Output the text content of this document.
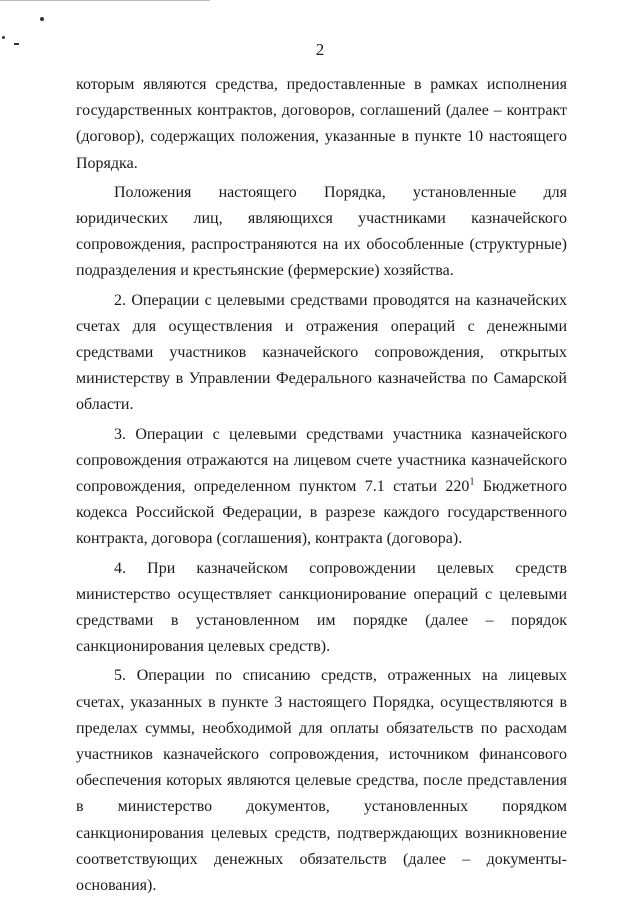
2

которым являются средства, предоставленные в рамках исполнения государственных контрактов, договоров, соглашений (далее – контракт (договор), содержащих положения, указанные в пункте 10 настоящего Порядка.

Положения настоящего Порядка, установленные для юридических лиц, являющихся участниками казначейского сопровождения, распространяются на их обособленные (структурные) подразделения и крестьянские (фермерские) хозяйства.

2. Операции с целевыми средствами проводятся на казначейских счетах для осуществления и отражения операций с денежными средствами участников казначейского сопровождения, открытых министерству в Управлении Федерального казначейства по Самарской области.

3. Операции с целевыми средствами участника казначейского сопровождения отражаются на лицевом счете участника казначейского сопровождения, определенном пунктом 7.1 статьи $220^1$ Бюджетного кодекса Российской Федерации, в разрезе каждого государственного контракта, договора (соглашения), контракта (договора).

4. При казначейском сопровождении целевых средств министерство осуществляет санкционирование операций с целевыми средствами в установленном им порядке (далее – порядок санкционирования целевых средств).

5. Операции по списанию средств, отраженных на лицевых счетах, указанных в пункте 3 настоящего Порядка, осуществляются в пределах суммы, необходимой для оплаты обязательств по расходам участников казначейского сопровождения, источником финансового обеспечения которых являются целевые средства, после представления в министерство документов, установленных порядком санкционирования целевых средств, подтверждающих возникновение соответствующих денежных обязательств (далее – документы-основания).
